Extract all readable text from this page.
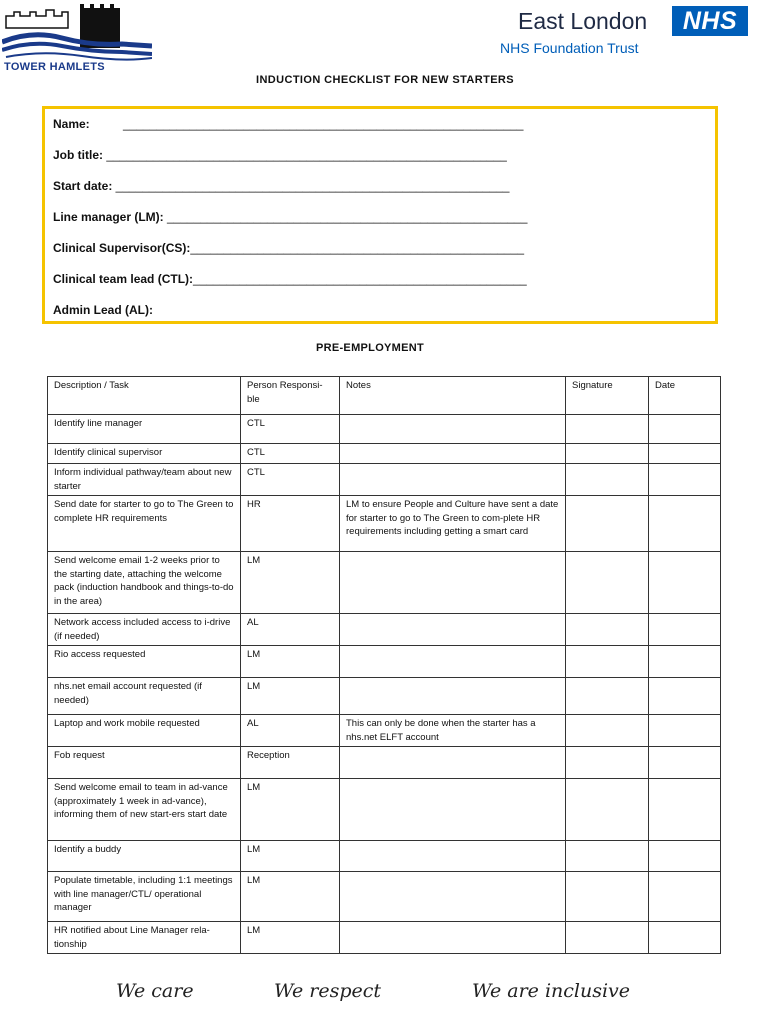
TOWER HAMLETS
East London	NHS
NHS Foundation Trust
INDUCTION CHECKLIST FOR NEW STARTERS
Name:          ____________________________________________________________
Job title: ____________________________________________________________
Start date: ___________________________________________________________
Line manager (LM): ______________________________________________________
Clinical Supervisor(CS):__________________________________________________
Clinical team lead (CTL):__________________________________________________
Admin Lead (AL):
PRE-EMPLOYMENT
Description / Task	Person Responsi-ble	Notes	Signature	Date
Identify line manager	CTL			
Identify clinical supervisor	CTL			
Inform individual pathway/team about new starter	CTL			
Send date for starter to go to The Green to complete HR requirements	HR	LM to ensure People and Culture have sent a date for starter to go to The Green to com-plete HR requirements including getting a smart card		
Send welcome email 1-2 weeks prior to the starting date, attaching the welcome pack (induction handbook and things-to-do in the area)	LM			
Network access included access to i-drive (if needed)	AL			
Rio access requested	LM			
nhs.net email account requested (if needed)	LM			
Laptop and work mobile requested	AL	This can only be done when the starter has a nhs.net ELFT account		
Fob request	Reception			
Send welcome email to team in ad-vance (approximately 1 week in ad-vance), informing them of new start-ers start date	LM			
Identify a buddy	LM			
Populate timetable, including 1:1 meetings with line manager/CTL/ operational manager	LM			
HR notified about Line Manager rela-tionship	LM			
We care	We respect	We are inclusive
